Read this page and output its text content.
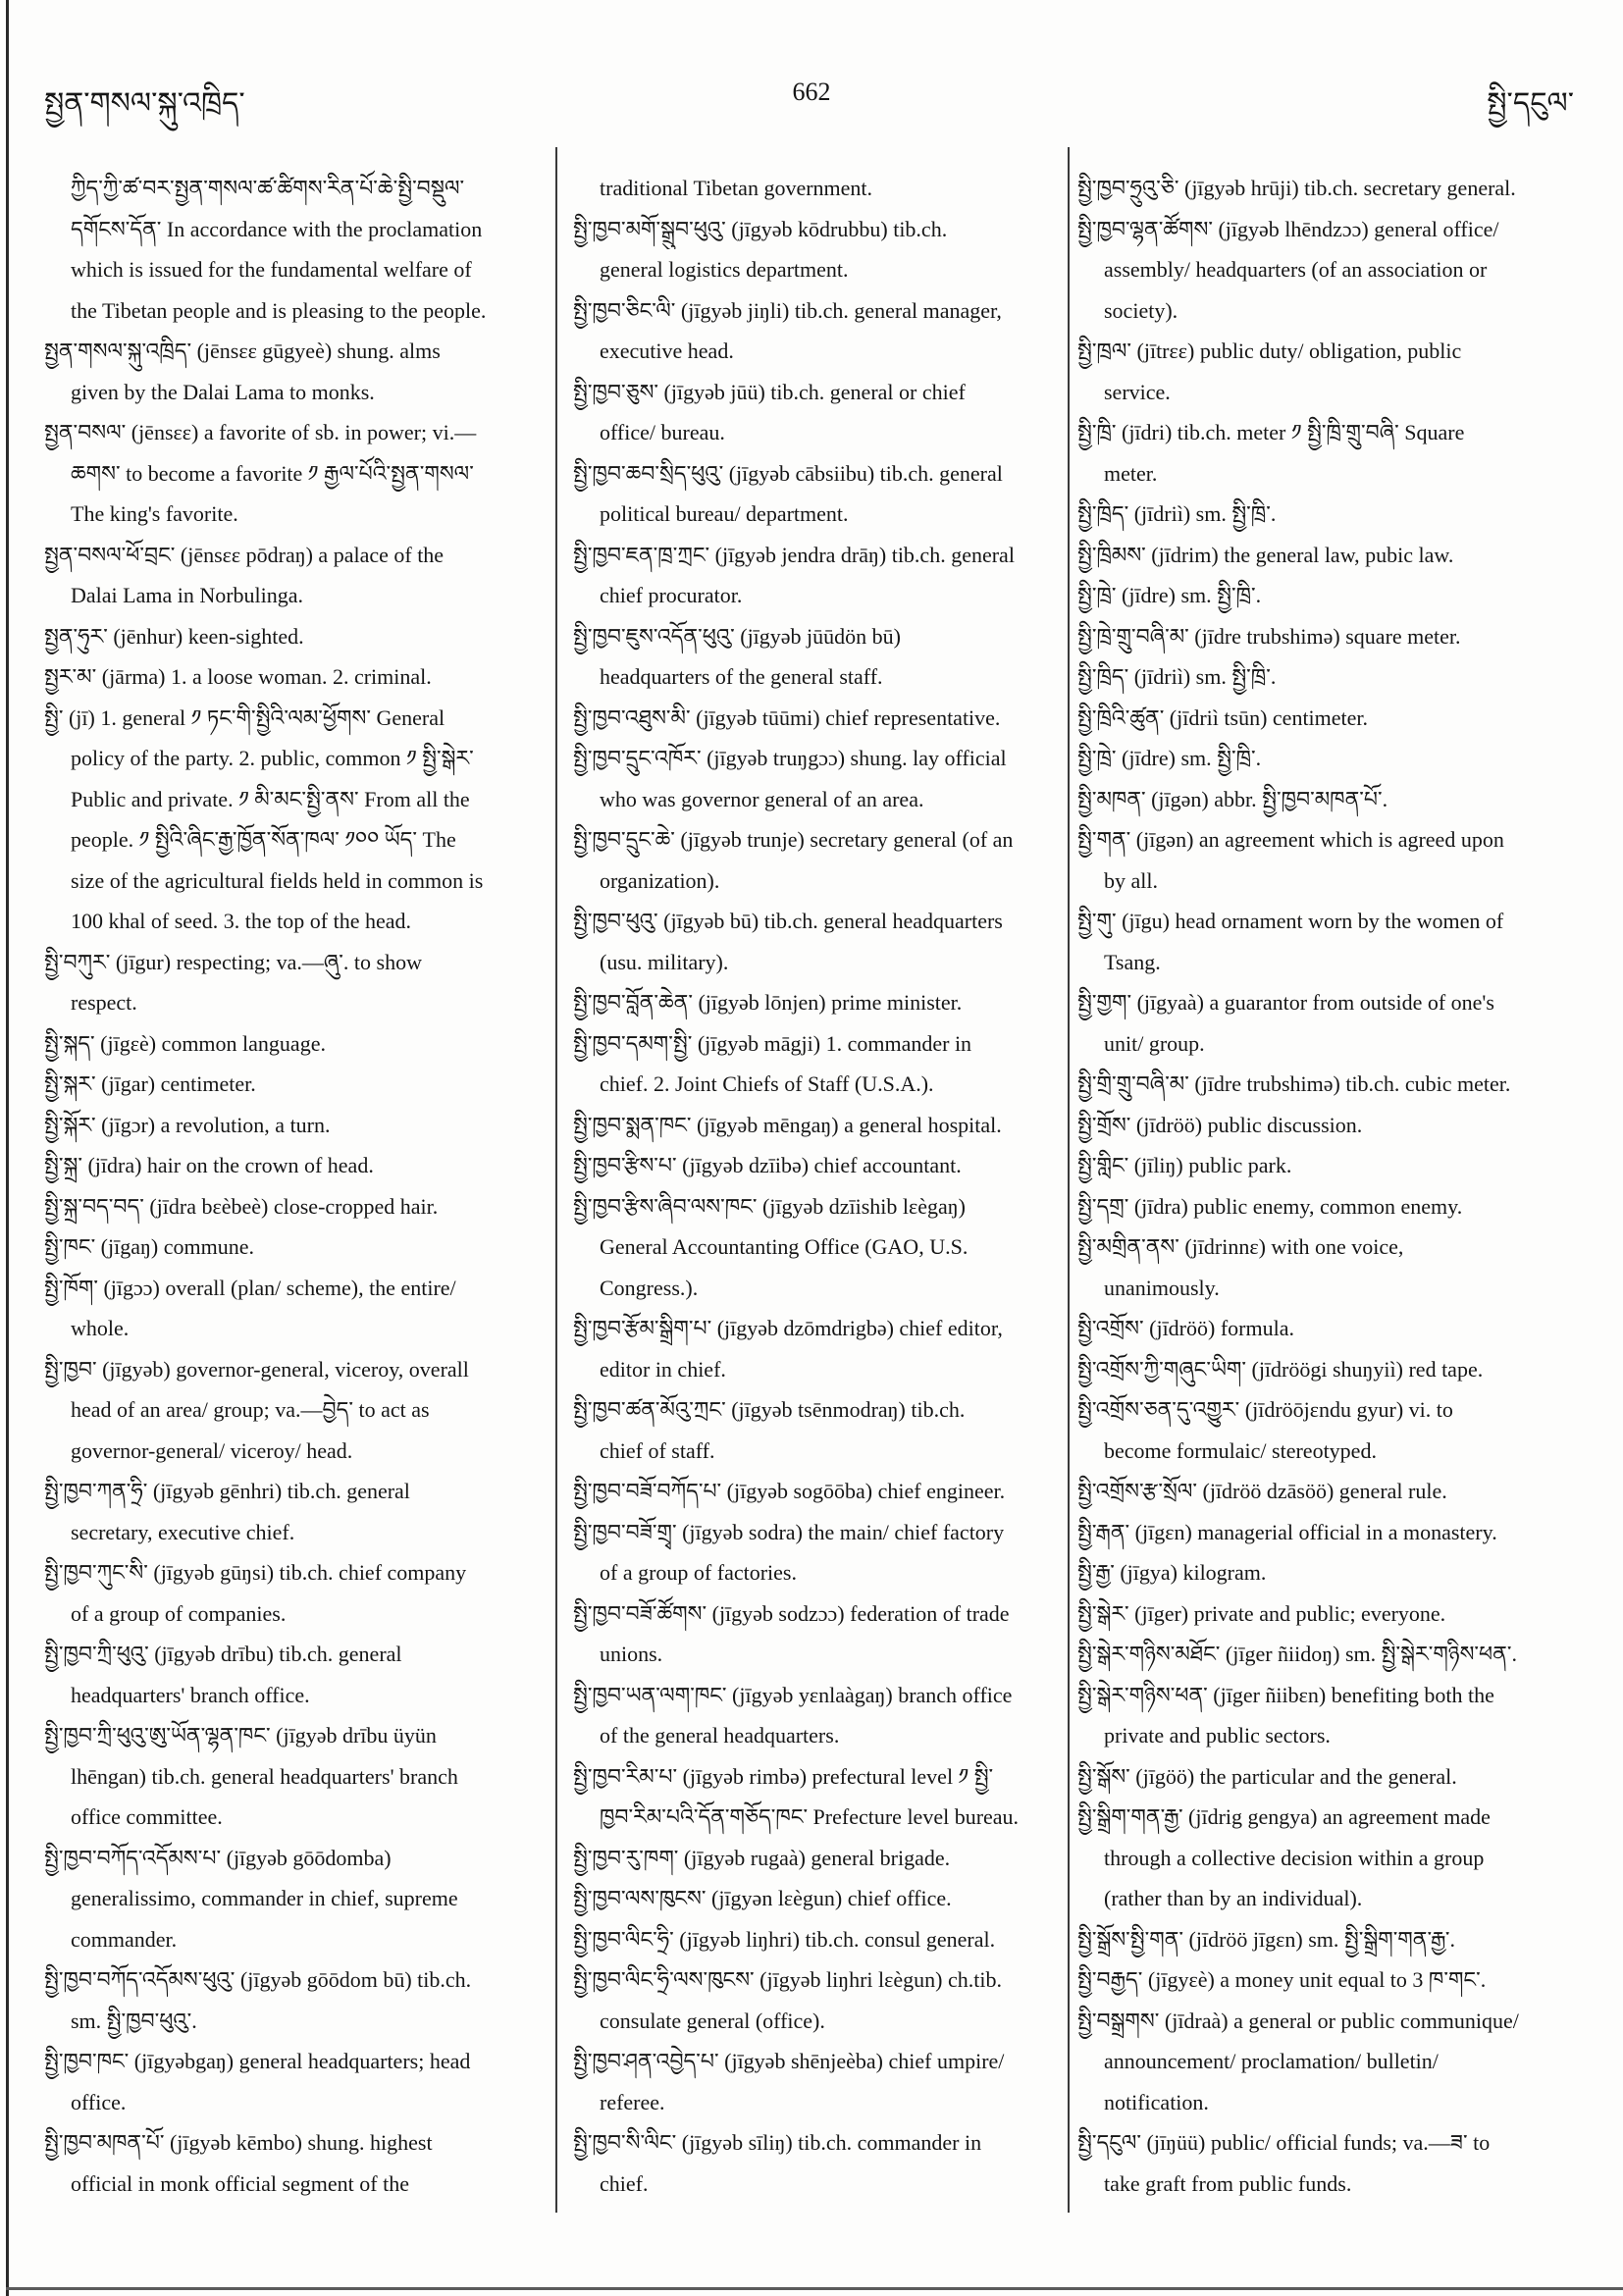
སྤྱན་གསལ་སྐུ་འཁྲིད་	662	སྤྱི་དངུལ་
ཀྱིད་ཀྱི་ཚ་བར་སྤྱན་གསལ་ཚ་ཚིགས་རིན་པོ་ཆེ་སྤྱི་བསྡུལ་
དགོངས་དོན་ In accordance with the proclamation
which is issued for the fundamental welfare of
the Tibetan people and is pleasing to the people.
སྤྱན་གསལ་སྐུ་འཁྲིད་ (jēnsεε gūgyeè) shung. alms
given by the Dalai Lama to monks.
སྤྱན་བསལ་ (jēnsεε) a favorite of sb. in power; vi.—
ཆགས་ to become a favorite ༡ རྒྱལ་པོའི་སྤྱན་གསལ་
The king's favorite.
སྤྱན་བསལ་ཕོ་བྲང་ (jēnsεε pōdraŋ) a palace of the
Dalai Lama in Norbulinga.
སྤྱན་ཧུར་ (jēnhur) keen-sighted.
སྤྱར་མ་ (jārma) 1. a loose woman. 2. criminal.
སྤྱི་ (jī) 1. general ༡ ཏང་གི་སྤྱིའི་ལམ་ཕྱོགས་ General
policy of the party. 2. public, common ༡ སྤྱི་སྒེར་
Public and private. ༡ མི་མང་སྤྱི་ནས་ From all the
people. ༡ སྤྱིའི་ཞིང་རྒྱ་ཁྱོན་སོན་ཁལ་ ༡༠༠ ཡོད་ The
size of the agricultural fields held in common is
100 khal of seed. 3. the top of the head.
སྤྱི་བཀུར་ (jīgur) respecting; va.—ཞུ་. to show
respect.
སྤྱི་སྐད་ (jīgεè) common language.
སྤྱི་སྐར་ (jīgar) centimeter.
སྤྱི་སྐོར་ (jīgɔr) a revolution, a turn.
སྤྱི་སྐྲ་ (jīdra) hair on the crown of head.
སྤྱི་སྐྲ་བད་བད་ (jīdra bεèbeè) close-cropped hair.
སྤྱི་ཁང་ (jīgaŋ) commune.
སྤྱི་ཁོག་ (jīgɔɔ) overall (plan/ scheme), the entire/
whole.
སྤྱི་ཁྱབ་ (jīgyəb) governor-general, viceroy, overall
head of an area/ group; va.—བྱེད་ to act as
governor-general/ viceroy/ head.
སྤྱི་ཁྱབ་ཀན་ཧྲི་ (jīgyəb gēnhri) tib.ch. general
secretary, executive chief.
སྤྱི་ཁྱབ་ཀུང་སི་ (jīgyəb gūŋsi) tib.ch. chief company
of a group of companies.
སྤྱི་ཁྱབ་ཀྲི་ཕུའུ་ (jīgyəb drību) tib.ch. general
headquarters' branch office.
སྤྱི་ཁྱབ་ཀྲི་ཕུའུ་ཨུ་ཡོན་ལྷན་ཁང་ (jīgyəb drību üyün
lhēngan) tib.ch. general headquarters' branch
office committee.
སྤྱི་ཁྱབ་བཀོད་འདོམས་པ་ (jīgyəb gōōdomba)
generalissimo, commander in chief, supreme
commander.
སྤྱི་ཁྱབ་བཀོད་འདོམས་ཕུའུ་ (jīgyəb gōōdom bū) tib.ch.
sm. སྤྱི་ཁྱབ་ཕུའུ་.
སྤྱི་ཁྱབ་ཁང་ (jīgyəbgaŋ) general headquarters; head
office.
སྤྱི་ཁྱབ་མཁན་པོ་ (jīgyəb kēmbo) shung. highest
official in monk official segment of the
traditional Tibetan government.
སྤྱི་ཁྱབ་མགོ་སྒྲུབ་ཕུའུ་ (jīgyəb kōdrubbu) tib.ch.
general logistics department.
སྤྱི་ཁྱབ་ཅིང་ལི་ (jīgyəb jiŋli) tib.ch. general manager,
executive head.
སྤྱི་ཁྱབ་ཅུས་ (jīgyəb jūü) tib.ch. general or chief
office/ bureau.
སྤྱི་ཁྱབ་ཆབ་སྲིད་ཕུའུ་ (jīgyəb cābsiibu) tib.ch. general
political bureau/ department.
སྤྱི་ཁྱབ་ཇན་ཁྲ་ཀྲང་ (jīgyəb jendra drāŋ) tib.ch. general
chief procurator.
སྤྱི་ཁྱབ་ཇུས་འདོན་ཕུའུ་ (jīgyəb jūūdön bū)
headquarters of the general staff.
སྤྱི་ཁྱབ་འཐུས་མི་ (jīgyəb tūūmi) chief representative.
སྤྱི་ཁྱབ་དྲུང་འཁོར་ (jīgyəb truŋgɔɔ) shung. lay official
who was governor general of an area.
སྤྱི་ཁྱབ་དྲུང་ཆེ་ (jīgyəb trunje) secretary general (of an
organization).
སྤྱི་ཁྱབ་ཕུའུ་ (jīgyəb bū) tib.ch. general headquarters
(usu. military).
སྤྱི་ཁྱབ་བློན་ཆེན་ (jīgyəb lōnjen) prime minister.
སྤྱི་ཁྱབ་དམག་སྤྱི་ (jīgyəb māgji) 1. commander in
chief. 2. Joint Chiefs of Staff (U.S.A.).
སྤྱི་ཁྱབ་སྨན་ཁང་ (jīgyəb mēngaŋ) a general hospital.
སྤྱི་ཁྱབ་རྩིས་པ་ (jīgyəb dzīibə) chief accountant.
སྤྱི་ཁྱབ་རྩིས་ཞིབ་ལས་ཁང་ (jīgyəb dzīishib lεègaŋ)
General Accountanting Office (GAO, U.S.
Congress.).
སྤྱི་ཁྱབ་རྩོམ་སྒྲིག་པ་ (jīgyəb dzōmdrigbə) chief editor,
editor in chief.
སྤྱི་ཁྱབ་ཚན་མོའུ་ཀྲང་ (jīgyəb tsēnmodraŋ) tib.ch.
chief of staff.
སྤྱི་ཁྱབ་བཟོ་བཀོད་པ་ (jīgyəb sogōōba) chief engineer.
སྤྱི་ཁྱབ་བཟོ་གྲྭ་ (jīgyəb sodra) the main/ chief factory
of a group of factories.
སྤྱི་ཁྱབ་བཟོ་ཚོགས་ (jīgyəb sodzɔɔ) federation of trade
unions.
སྤྱི་ཁྱབ་ཡན་ལག་ཁང་ (jīgyəb yεnlaàgaŋ) branch office
of the general headquarters.
སྤྱི་ཁྱབ་རིམ་པ་ (jīgyəb rimbə) prefectural level ༡ སྤྱི་
ཁྱབ་རིམ་པའི་དོན་གཅོད་ཁང་ Prefecture level bureau.
སྤྱི་ཁྱབ་རུ་ཁག་ (jīgyəb rugaà) general brigade.
སྤྱི་ཁྱབ་ལས་ཁུངས་ (jīgyən lεègun) chief office.
སྤྱི་ཁྱབ་ལིང་ཧྲི་ (jīgyəb liŋhri) tib.ch. consul general.
སྤྱི་ཁྱབ་ལིང་ཧྲི་ལས་ཁུངས་ (jīgyəb liŋhri lεègun) ch.tib.
consulate general (office).
སྤྱི་ཁྱབ་ཤན་འབྱེད་པ་ (jīgyəb shēnjeèba) chief umpire/
referee.
སྤྱི་ཁྱབ་སི་ལིང་ (jīgyəb sīliŋ) tib.ch. commander in
chief.
སྤྱི་ཁྱབ་ཧྲུའུ་ཅི་ (jīgyəb hrūji) tib.ch. secretary general.
སྤྱི་ཁྱབ་ལྷན་ཚོགས་ (jīgyəb lhēndzɔɔ) general office/
assembly/ headquarters (of an association or
society).
སྤྱི་ཁྲལ་ (jītrεε) public duty/ obligation, public
service.
སྤྱི་ཁྲི་ (jīdri) tib.ch. meter ༡ སྤྱི་ཁྲི་གྲུ་བཞི་ Square
meter.
སྤྱི་ཁྲིད་ (jīdriì) sm. སྤྱི་ཁྲི་.
སྤྱི་ཁྲིམས་ (jīdrim) the general law, pubic law.
སྤྱི་ཁྲེ་ (jīdre) sm. སྤྱི་ཁྲི་.
སྤྱི་ཁྲེ་གྲུ་བཞི་མ་ (jīdre trubshimə) square meter.
སྤྱི་ཁྲིད་ (jīdriì) sm. སྤྱི་ཁྲི་.
སྤྱི་ཁྲིའི་ཚུན་ (jīdriì tsūn) centimeter.
སྤྱི་ཁྲེ་ (jīdre) sm. སྤྱི་ཁྲི་.
སྤྱི་མཁན་ (jīgən) abbr. སྤྱི་ཁྱབ་མཁན་པོ་.
སྤྱི་གན་ (jīgən) an agreement which is agreed upon
by all.
སྤྱི་གུ་ (jīgu) head ornament worn by the women of
Tsang.
སྤྱི་གྱག་ (jīgyaà) a guarantor from outside of one's
unit/ group.
སྤྱི་གྲི་གྲུ་བཞི་མ་ (jīdre trubshimə) tib.ch. cubic meter.
སྤྱི་གྲོས་ (jīdröö) public discussion.
སྤྱི་གླིང་ (jīliŋ) public park.
སྤྱི་དགྲ་ (jīdra) public enemy, common enemy.
སྤྱི་མགྲིན་ནས་ (jīdrinnε) with one voice,
unanimously.
སྤྱི་འགྲོས་ (jīdröö) formula.
སྤྱི་འགྲོས་ཀྱི་གཞུང་ཡིག་ (jīdröögi shuŋyiì) red tape.
སྤྱི་འགྲོས་ཅན་དུ་འགྱུར་ (jīdröōjεndu gyur) vi. to
become formulaic/ stereotyped.
སྤྱི་འགྲོས་རྩ་སྲོལ་ (jīdröö dzāsöö) general rule.
སྤྱི་རྒན་ (jīgεn) managerial official in a monastery.
སྤྱི་རྒྱ་ (jīgya) kilogram.
སྤྱི་སྒེར་ (jīger) private and public; everyone.
སྤྱི་སྒེར་གཉིས་མཐོང་ (jīger ñiidoŋ) sm. སྤྱི་སྒེར་གཉིས་ཕན་.
སྤྱི་སྒེར་གཉིས་ཕན་ (jīger ñiibεn) benefiting both the
private and public sectors.
སྤྱི་སྒོས་ (jīgöö) the particular and the general.
སྤྱི་སྒྲིག་གན་རྒྱ་ (jīdrig gengya) an agreement made
through a collective decision within a group
(rather than by an individual).
སྤྱི་སྒྲོས་སྤྱི་གན་ (jīdröö jīgεn) sm. སྤྱི་སྒྲིག་གན་རྒྱ་.
སྤྱི་བརྒྱད་ (jīgyεè) a money unit equal to 3 ཁ་གང་.
སྤྱི་བསྒྲགས་ (jīdraà) a general or public communique/
announcement/ proclamation/ bulletin/
notification.
སྤྱི་དངུལ་ (jīŋüü) public/ official funds; va.—ཟ་ to
take graft from public funds.
